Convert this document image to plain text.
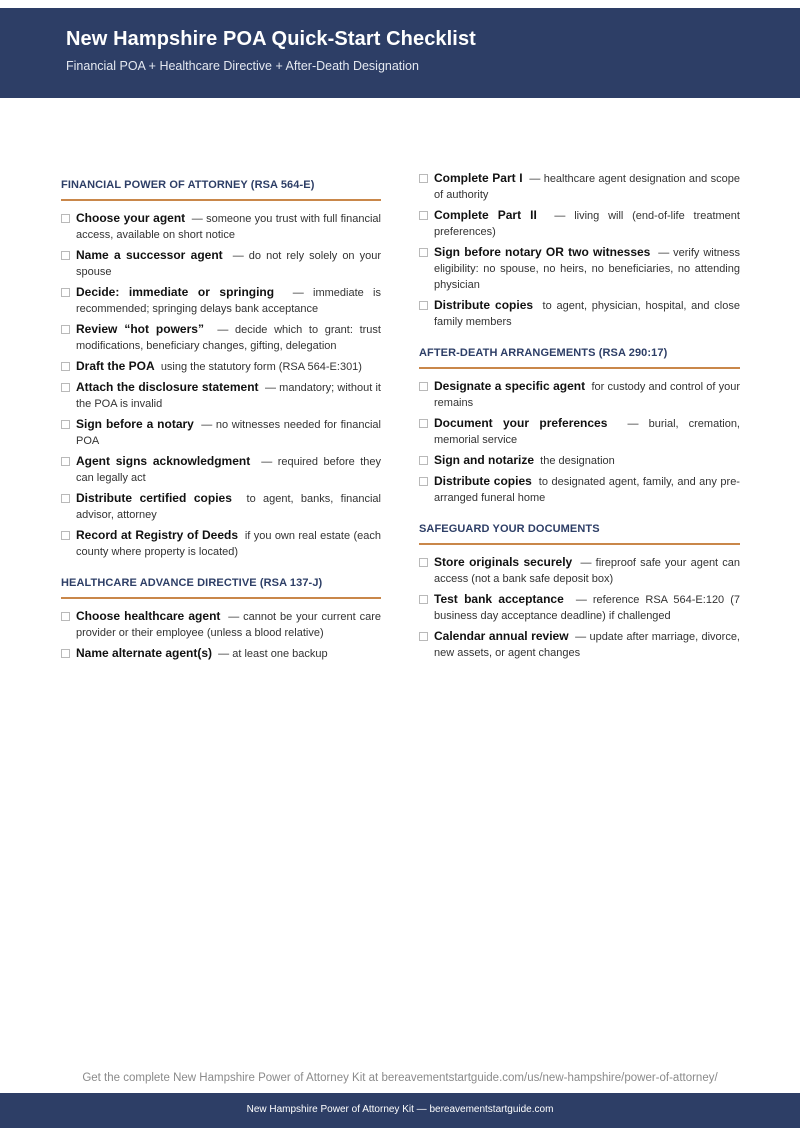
New Hampshire POA Quick-Start Checklist
Financial POA + Healthcare Directive + After-Death Designation
FINANCIAL POWER OF ATTORNEY (RSA 564-E)
Choose your agent — someone you trust with full financial access, available on short notice
Name a successor agent — do not rely solely on your spouse
Decide: immediate or springing — immediate is recommended; springing delays bank acceptance
Review “hot powers” — decide which to grant: trust modifications, beneficiary changes, gifting, delegation
Draft the POA using the statutory form (RSA 564-E:301)
Attach the disclosure statement — mandatory; without it the POA is invalid
Sign before a notary — no witnesses needed for financial POA
Agent signs acknowledgment — required before they can legally act
Distribute certified copies to agent, banks, financial advisor, attorney
Record at Registry of Deeds if you own real estate (each county where property is located)
HEALTHCARE ADVANCE DIRECTIVE (RSA 137-J)
Choose healthcare agent — cannot be your current care provider or their employee (unless a blood relative)
Name alternate agent(s) — at least one backup
Complete Part I — healthcare agent designation and scope of authority
Complete Part II — living will (end-of-life treatment preferences)
Sign before notary OR two witnesses — verify witness eligibility: no spouse, no heirs, no beneficiaries, no attending physician
Distribute copies to agent, physician, hospital, and close family members
AFTER-DEATH ARRANGEMENTS (RSA 290:17)
Designate a specific agent for custody and control of your remains
Document your preferences — burial, cremation, memorial service
Sign and notarize the designation
Distribute copies to designated agent, family, and any pre-arranged funeral home
SAFEGUARD YOUR DOCUMENTS
Store originals securely — fireproof safe your agent can access (not a bank safe deposit box)
Test bank acceptance — reference RSA 564-E:120 (7 business day acceptance deadline) if challenged
Calendar annual review — update after marriage, divorce, new assets, or agent changes
Get the complete New Hampshire Power of Attorney Kit at bereavementstartguide.com/us/new-hampshire/power-of-attorney/
New Hampshire Power of Attorney Kit — bereavementstartguide.com
